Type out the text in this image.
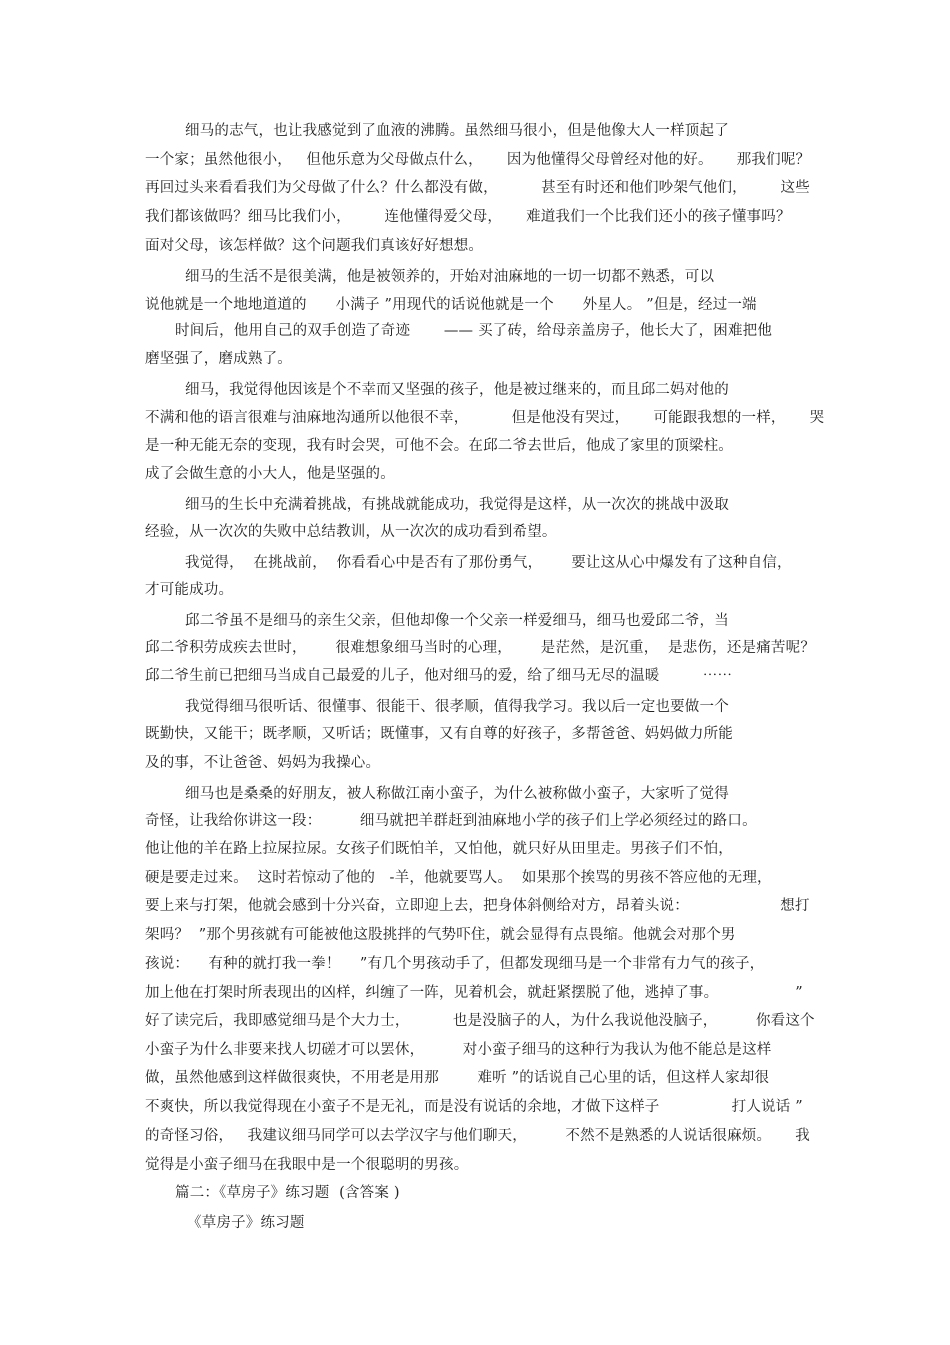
细马的志气，也让我感觉到了血液的沸腾。虽然细马很小，但是他像大人一样顶起了
一个家；虽然他很小，   但他乐意为父母做点什么，     因为他懂得父母曾经对他的好。     那我们呢？
再回过头来看看我们为父母做了什么？什么都没有做，         甚至有时还和他们吵架气他们，       这些
我们都该做吗？细马比我们小，       连他懂得爱父母，     难道我们一个比我们还小的孩子懂事吗？
面对父母，该怎样做？这个问题我们真该好好想想。
细马的生活不是很美满，他是被领养的，开始对油麻地的一切一切都不熟悉，可以
说他就是一个地地道道的      小满子 ”用现代的话说他就是一个      外星人。 ”但是，经过一端
时间后，他用自己的双手创造了奇迹       —— 买了砖，给母亲盖房子，他长大了，困难把他
磨坚强了，磨成熟了。
细马，我觉得他因该是个不幸而又坚强的孩子，他是被过继来的，而且邱二妈对他的
不满和他的语言很难与油麻地沟通所以他很不幸，         但是他没有哭过，     可能跟我想的一样，     哭
是一种无能无奈的变现，我有时会哭，可他不会。在邱二爷去世后，他成了家里的顶梁柱。
成了会做生意的小大人，他是坚强的。
细马的生长中充满着挑战，有挑战就能成功，我觉得是这样，从一次次的挑战中汲取
经验，从一次次的失败中总结教训，从一次次的成功看到希望。
我觉得，  在挑战前，  你看看心中是否有了那份勇气，      要让这从心中爆发有了这种自信，
才可能成功。
邱二爷虽不是细马的亲生父亲，但他却像一个父亲一样爱细马，细马也爱邱二爷，当
邱二爷积劳成疾去世时，      很难想象细马当时的心理，      是茫然，是沉重，  是悲伤，还是痛苦呢？
邱二爷生前已把细马当成自己最爱的儿子，他对细马的爱，给了细马无尽的温暖         ⋯⋯
我觉得细马很听话、很懂事、很能干、很孝顺，值得我学习。我以后一定也要做一个
既勤快，又能干；既孝顺，又听话；既懂事，又有自尊的好孩子，多帮爸爸、妈妈做力所能
及的事，不让爸爸、妈妈为我操心。
细马也是桑桑的好朋友，被人称做江南小蛮子，为什么被称做小蛮子，大家听了觉得
奇怪，让我给你讲这一段：        细马就把羊群赶到油麻地小学的孩子们上学必须经过的路口。
他让他的羊在路上拉屎拉尿。女孩子们既怕羊，又怕他，就只好从田里走。男孩子们不怕，
硬是要走过来。  这时若惊动了他的   -羊，他就要骂人。  如果那个挨骂的男孩不答应他的无理，
要上来与打架，他就会感到十分兴奋，立即迎上去，把身体斜侧给对方，昂着头说：                   想打
架吗？  ”那个男孩就有可能被他这股挑拌的气势吓住，就会显得有点畏缩。他就会对那个男
孩说：    有种的就打我一拳！    ”有几个男孩动手了，但都发现细马是一个非常有力气的孩子，
加上他在打架时所表现出的凶样，纠缠了一阵，见着机会，就赶紧摆脱了他，逃掉了事。                ”
好了读完后，我即感觉细马是个大力士，         也是没脑子的人，为什么我说他没脑子，        你看这个
小蛮子为什么非要来找人切磋才可以罢休，        对小蛮子细马的这种行为我认为他不能总是这样
做，虽然他感到这样做很爽快，不用老是用那        难听 ”的话说自己心里的话，但这样人家却很
不爽快，所以我觉得现在小蛮子不是无礼，而是没有说话的余地，才做下这样子               打人说话 ”
的奇怪习俗，   我建议细马同学可以去学汉字与他们聊天，        不然不是熟悉的人说话很麻烦。     我
觉得是小蛮子细马在我眼中是一个很聪明的男孩。
篇二：《草房子》练习题  (含答案 )
《草房子》练习题
